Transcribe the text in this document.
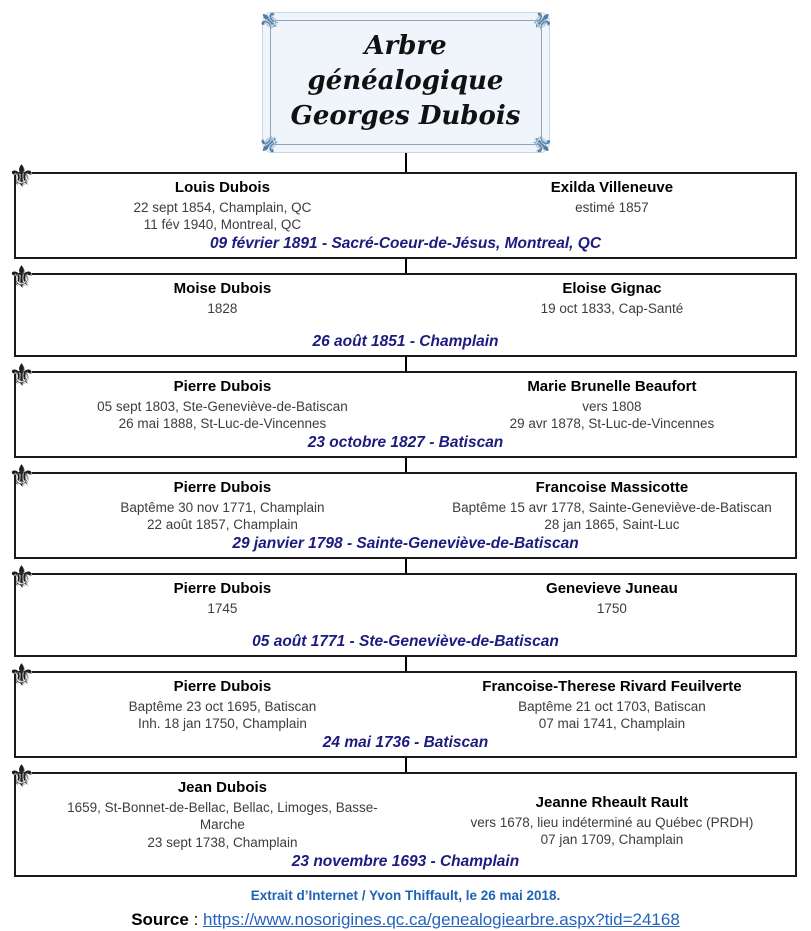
⚜	⚜
⚜	⚜
Arbre généalogique
Georges Dubois
⚜	Louis Dubois
22 sept 1854, Champlain, QC
11 fév 1940, Montreal, QC
Exilda Villeneuve
estimé 1857
09 février 1891 - Sacré-Coeur-de-Jésus, Montreal, QC
⚜	Moise Dubois
1828
Eloise Gignac
19 oct 1833, Cap-Santé
26 août 1851 - Champlain
⚜	Pierre Dubois
05 sept 1803, Ste-Geneviève-de-Batiscan
26 mai 1888, St-Luc-de-Vincennes
Marie Brunelle Beaufort
vers 1808
29 avr 1878, St-Luc-de-Vincennes
23 octobre 1827 - Batiscan
⚜	Pierre Dubois
Baptême 30 nov 1771, Champlain
22 août 1857, Champlain
Francoise Massicotte
Baptême 15 avr 1778, Sainte-Geneviève-de-Batiscan
28 jan 1865, Saint-Luc
29 janvier 1798 - Sainte-Geneviève-de-Batiscan
⚜	Pierre Dubois
1745
Genevieve Juneau
1750
05 août 1771 - Ste-Geneviève-de-Batiscan
⚜	Pierre Dubois
Baptême 23 oct 1695, Batiscan
Inh. 18 jan 1750, Champlain
Francoise-Therese Rivard Feuilverte
Baptême 21 oct 1703, Batiscan
07 mai 1741, Champlain
24 mai 1736 - Batiscan
⚜	Jean Dubois
1659, St-Bonnet-de-Bellac, Bellac, Limoges, Basse-Marche
23 sept 1738, Champlain
Jeanne Rheault Rault
vers 1678, lieu indéterminé au Québec (PRDH)
07 jan 1709, Champlain
23 novembre 1693 - Champlain
Extrait d’Internet / Yvon Thiffault, le 26 mai 2018.
Source : https://www.nosorigines.qc.ca/genealogiearbre.aspx?tid=24168
